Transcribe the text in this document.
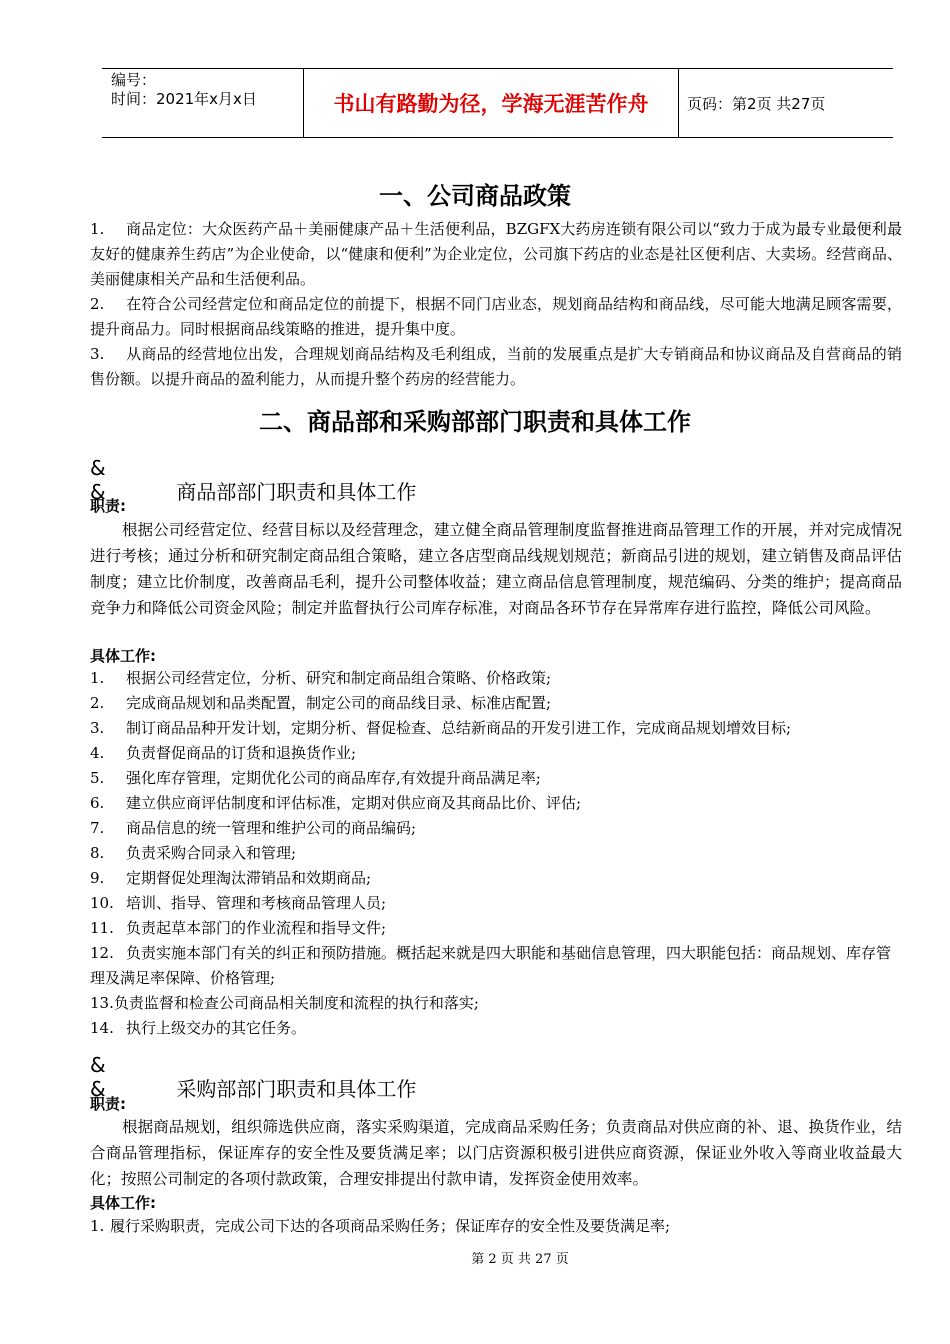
编号：
时间：2021年x月x日	书山有路勤为径，学海无涯苦作舟	页码：第2页 共27页
一、公司商品政策
1. 商品定位：大众医药产品＋美丽健康产品＋生活便利品，BZGFX大药房连锁有限公司以“致力于成为最专业最便利最友好的健康养生药店”为企业使命，以“健康和便利”为企业定位，公司旗下药店的业态是社区便利店、大卖场。经营商品、美丽健康相关产品和生活便利品。
2. 在符合公司经营定位和商品定位的前提下，根据不同门店业态，规划商品结构和商品线，尽可能大地满足顾客需要，提升商品力。同时根据商品线策略的推进，提升集中度。
3. 从商品的经营地位出发，合理规划商品结构及毛利组成，当前的发展重点是扩大专销商品和协议商品及自营商品的销售份额。以提升商品的盈利能力，从而提升整个药房的经营能力。
二、商品部和采购部部门职责和具体工作
& &	商品部部门职责和具体工作
职责:
根据公司经营定位、经营目标以及经营理念，建立健全商品管理制度监督推进商品管理工作的开展，并对完成情况进行考核；通过分析和研究制定商品组合策略，建立各店型商品线规划规范；新商品引进的规划，建立销售及商品评估制度；建立比价制度，改善商品毛利，提升公司整体收益；建立商品信息管理制度，规范编码、分类的维护；提高商品竞争力和降低公司资金风险；制定并监督执行公司库存标准，对商品各环节存在异常库存进行监控，降低公司风险。
具体工作:
1. 根据公司经营定位，分析、研究和制定商品组合策略、价格政策;
2. 完成商品规划和品类配置，制定公司的商品线目录、标准店配置;
3. 制订商品品种开发计划，定期分析、督促检查、总结新商品的开发引进工作，完成商品规划增效目标;
4. 负责督促商品的订货和退换货作业;
5. 强化库存管理，定期优化公司的商品库存,有效提升商品满足率;
6. 建立供应商评估制度和评估标准，定期对供应商及其商品比价、评估;
7. 商品信息的统一管理和维护公司的商品编码;
8. 负责采购合同录入和管理;
9. 定期督促处理淘汰滞销品和效期商品;
10. 培训、指导、管理和考核商品管理人员;
11. 负责起草本部门的作业流程和指导文件;
12. 负责实施本部门有关的纠正和预防措施。概括起来就是四大职能和基础信息管理，四大职能包括：商品规划、库存管理及满足率保障、价格管理;
13.负责监督和检查公司商品相关制度和流程的执行和落实;
14. 执行上级交办的其它任务。
& &	采购部部门职责和具体工作
职责:
根据商品规划，组织筛选供应商，落实采购渠道，完成商品采购任务；负责商品对供应商的补、退、换货作业，结合商品管理指标，保证库存的安全性及要货满足率；以门店资源积极引进供应商资源，保证业外收入等商业收益最大化；按照公司制定的各项付款政策，合理安排提出付款申请，发挥资金使用效率。
具体工作:
1. 履行采购职责，完成公司下达的各项商品采购任务；保证库存的安全性及要货满足率;
第 2 页 共 27 页
